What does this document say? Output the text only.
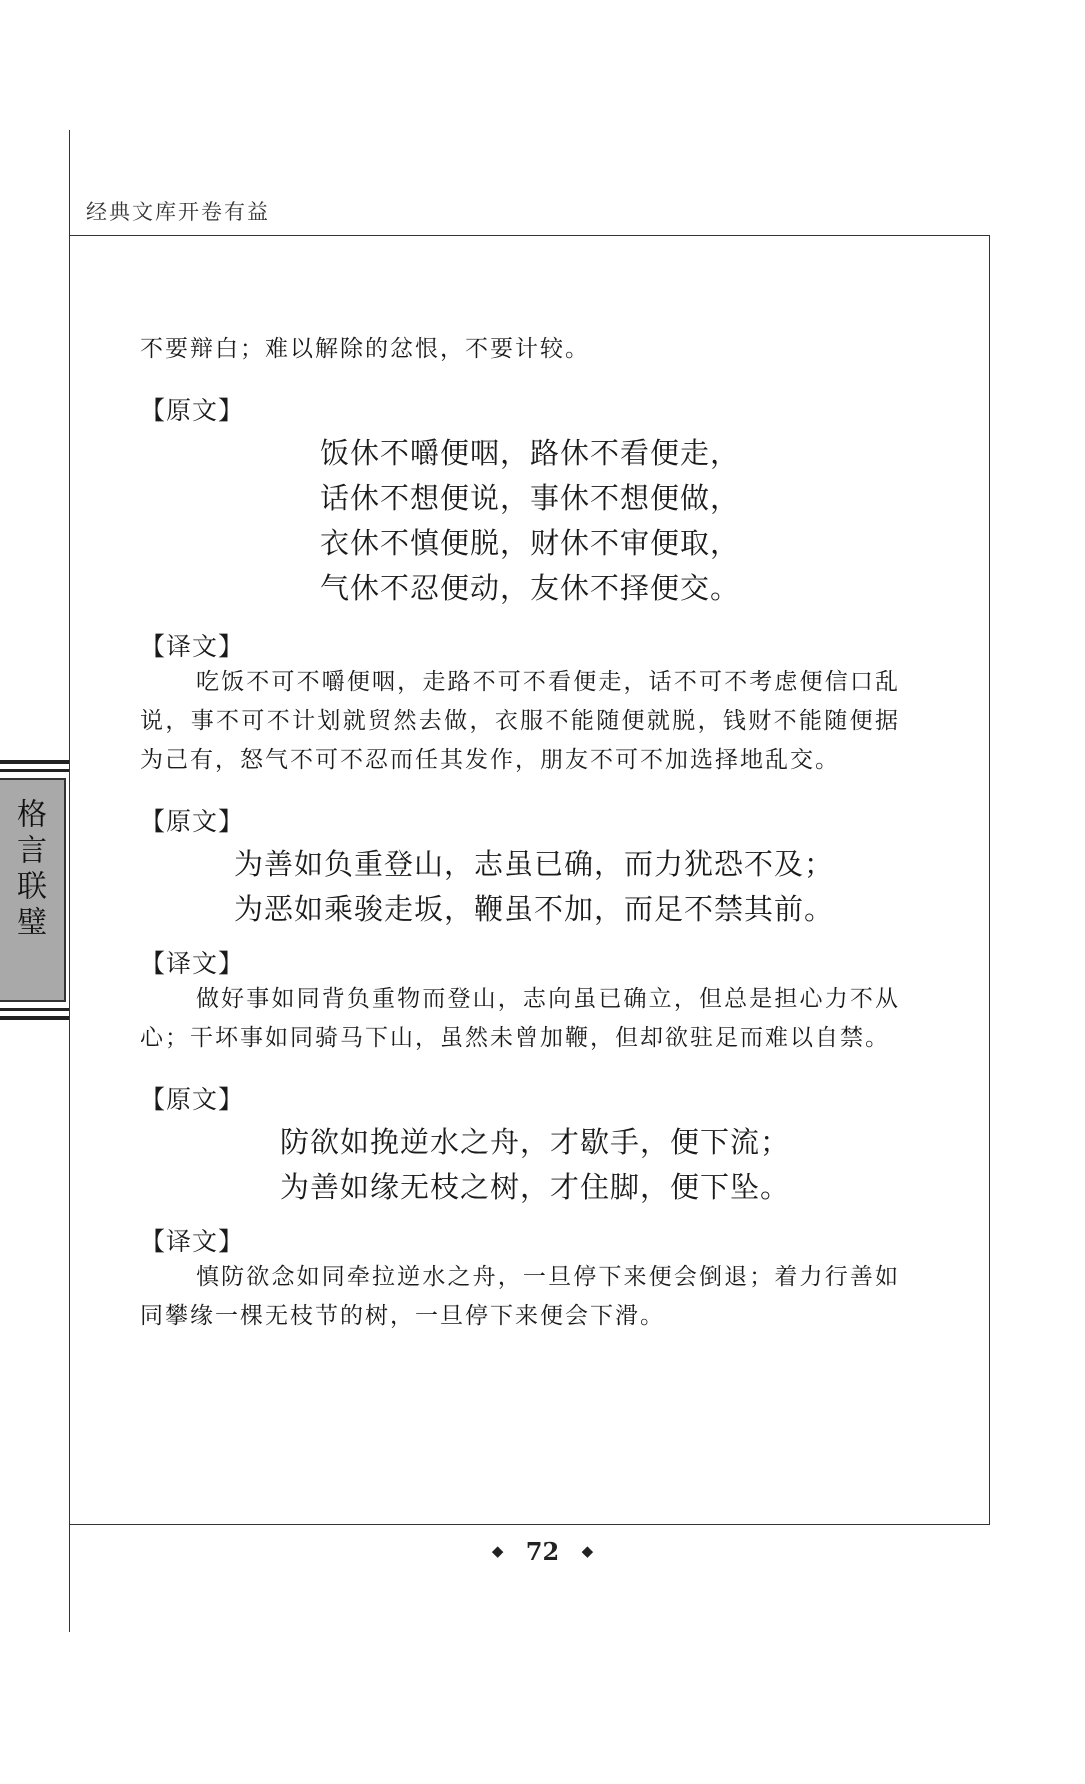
经典文库开卷有益
格言联璧

不要辩白；难以解除的忿恨，不要计较。

【原文】

饭休不嚼便咽，路休不看便走，

话休不想便说，事休不想便做，

衣休不慎便脱，财休不审便取，

气休不忍便动，友休不择便交。

【译文】

吃饭不可不嚼便咽，走路不可不看便走，话不可不考虑便信口乱说，事不可不计划就贸然去做，衣服不能随便就脱，钱财不能随便据为己有，怒气不可不忍而任其发作，朋友不可不加选择地乱交。

【原文】

为善如负重登山，志虽已确，而力犹恐不及；

为恶如乘骏走坂，鞭虽不加，而足不禁其前。

【译文】

做好事如同背负重物而登山，志向虽已确立，但总是担心力不从心；干坏事如同骑马下山，虽然未曾加鞭，但却欲驻足而难以自禁。

【原文】

防欲如挽逆水之舟，才歇手，便下流；

为善如缘无枝之树，才住脚，便下坠。

【译文】

慎防欲念如同牵拉逆水之舟，一旦停下来便会倒退；着力行善如同攀缘一棵无枝节的树，一旦停下来便会下滑。

◆ 72 ◆
